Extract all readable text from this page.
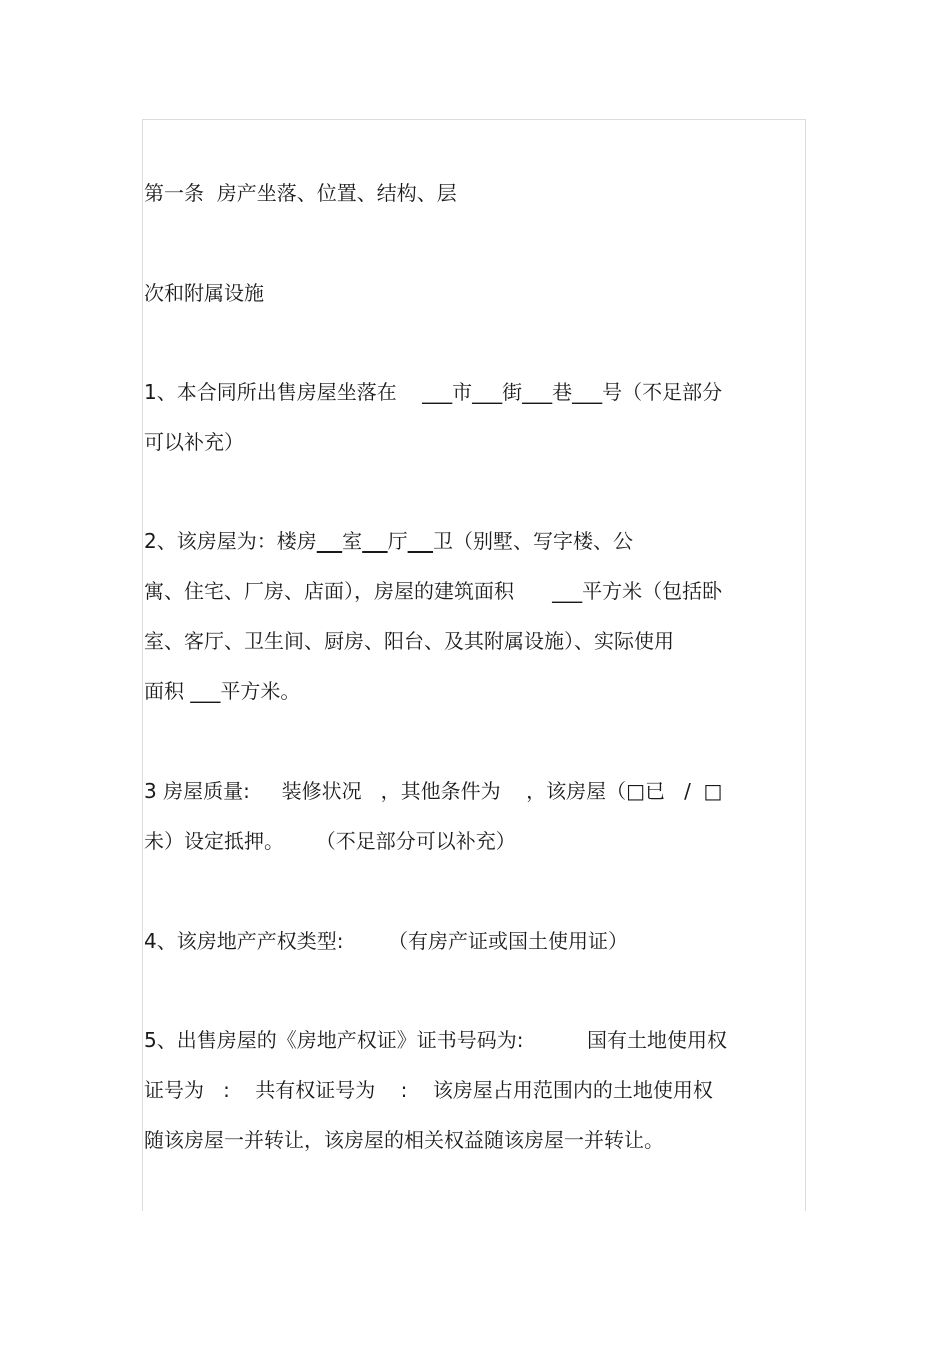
第一条  房产坐落、位置、结构、层
次和附属设施
1、本合同所出售房屋坐落在    ___市___街___巷___号（不足部分
可以补充）
2、该房屋为：楼房 室 厅 卫（别墅、写字楼、公
寓、住宅、厂房、店面），房屋的建筑面积      ___平方米（包括卧
室、客厅、卫生间、厨房、阳台、及其附属设施）、实际使用
面积 ___平方米。
3 房屋质量:     装修状况   ，其他条件为    ，该房屋（□已   /  □
未）设定抵押。     （不足部分可以补充）
4、该房地产产权类型:       （有房产证或国土使用证）
5、出售房屋的《房地产权证》证书号码为:          国有土地使用权
证号为   :    共有权证号为    :    该房屋占用范围内的土地使用权
随该房屋一并转让，该房屋的相关权益随该房屋一并转让。
